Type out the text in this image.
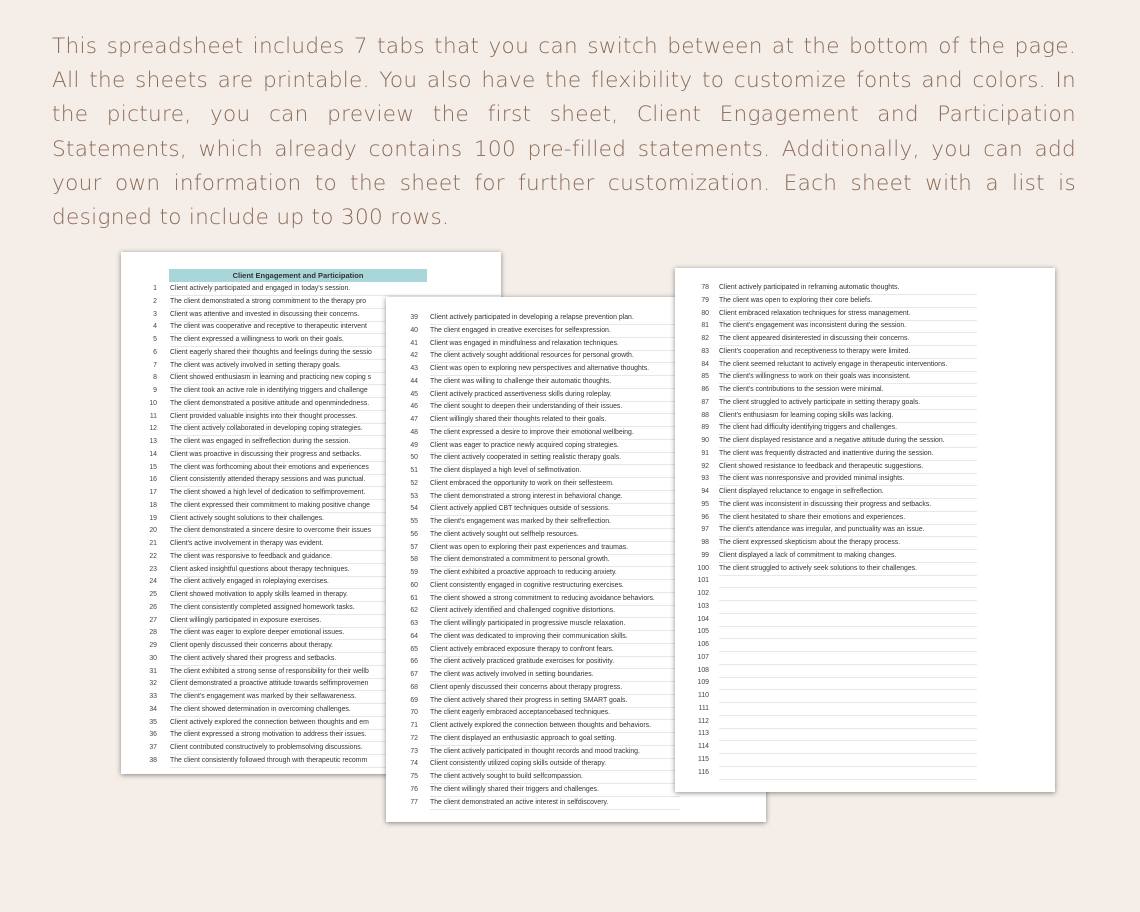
This spreadsheet includes 7 tabs that you can switch between at the bottom of the page. All the sheets are printable. You also have the flexibility to customize fonts and colors. In the picture, you can preview the first sheet, Client Engagement and Participation Statements, which already contains 100 pre-filled statements. Additionally, you can add your own information to the sheet for further customization. Each sheet with a list is designed to include up to 300 rows.

Client Engagement and Participation
1 Client actively participated and engaged in today's session.
2 The client demonstrated a strong commitment to the therapy pro
3 Client was attentive and invested in discussing their concerns.
4 The client was cooperative and receptive to therapeutic intervent
5 The client expressed a willingness to work on their goals.
6 Client eagerly shared their thoughts and feelings during the sessio
7 The client was actively involved in setting therapy goals.
8 Client showed enthusiasm in learning and practicing new coping s
9 The client took an active role in identifying triggers and challenge
10 The client demonstrated a positive attitude and openmindedness.
11 Client provided valuable insights into their thought processes.
12 The client actively collaborated in developing coping strategies.
13 The client was engaged in selfreflection during the session.
14 Client was proactive in discussing their progress and setbacks.
15 The client was forthcoming about their emotions and experiences
16 Client consistently attended therapy sessions and was punctual.
17 The client showed a high level of dedication to selfimprovement.
18 The client expressed their commitment to making positive change
19 Client actively sought solutions to their challenges.
20 The client demonstrated a sincere desire to overcome their issues
21 Client's active involvement in therapy was evident.
22 The client was responsive to feedback and guidance.
23 Client asked insightful questions about therapy techniques.
24 The client actively engaged in roleplaying exercises.
25 Client showed motivation to apply skills learned in therapy.
26 The client consistently completed assigned homework tasks.
27 Client willingly participated in exposure exercises.
28 The client was eager to explore deeper emotional issues.
29 Client openly discussed their concerns about therapy.
30 The client actively shared their progress and setbacks.
31 The client exhibited a strong sense of responsibility for their wellb
32 Client demonstrated a proactive attitude towards selfimprovemen
33 The client's engagement was marked by their selfawareness.
34 The client showed determination in overcoming challenges.
35 Client actively explored the connection between thoughts and em
36 The client expressed a strong motivation to address their issues.
37 Client contributed constructively to problemsolving discussions.
38 The client consistently followed through with therapeutic recomm
39 Client actively participated in developing a relapse prevention plan.
40 The client engaged in creative exercises for selfexpression.
41 Client was engaged in mindfulness and relaxation techniques.
42 The client actively sought additional resources for personal growth.
43 Client was open to exploring new perspectives and alternative thoughts.
44 The client was willing to challenge their automatic thoughts.
45 Client actively practiced assertiveness skills during roleplay.
46 The client sought to deepen their understanding of their issues.
47 Client willingly shared their thoughts related to their goals.
48 The client expressed a desire to improve their emotional wellbeing.
49 Client was eager to practice newly acquired coping strategies.
50 The client actively cooperated in setting realistic therapy goals.
51 The client displayed a high level of selfmotivation.
52 Client embraced the opportunity to work on their selfesteem.
53 The client demonstrated a strong interest in behavioral change.
54 Client actively applied CBT techniques outside of sessions.
55 The client's engagement was marked by their selfreflection.
56 The client actively sought out selfhelp resources.
57 Client was open to exploring their past experiences and traumas.
58 The client demonstrated a commitment to personal growth.
59 The client exhibited a proactive approach to reducing anxiety.
60 Client consistently engaged in cognitive restructuring exercises.
61 The client showed a strong commitment to reducing avoidance behaviors.
62 Client actively identified and challenged cognitive distortions.
63 The client willingly participated in progressive muscle relaxation.
64 The client was dedicated to improving their communication skills.
65 Client actively embraced exposure therapy to confront fears.
66 The client actively practiced gratitude exercises for positivity.
67 The client was actively involved in setting boundaries.
68 Client openly discussed their concerns about therapy progress.
69 The client actively shared their progress in setting SMART goals.
70 The client eagerly embraced acceptancebased techniques.
71 Client actively explored the connection between thoughts and behaviors.
72 The client displayed an enthusiastic approach to goal setting.
73 The client actively participated in thought records and mood tracking.
74 Client consistently utilized coping skills outside of therapy.
75 The client actively sought to build selfcompassion.
76 The client willingly shared their triggers and challenges.
77 The client demonstrated an active interest in selfdiscovery.
78 Client actively participated in reframing automatic thoughts.
79 The client was open to exploring their core beliefs.
80 Client embraced relaxation techniques for stress management.
81 The client's engagement was inconsistent during the session.
82 The client appeared disinterested in discussing their concerns.
83 Client's cooperation and receptiveness to therapy were limited.
84 The client seemed reluctant to actively engage in therapeutic interventions.
85 The client's willingness to work on their goals was inconsistent.
86 The client's contributions to the session were minimal.
87 The client struggled to actively participate in setting therapy goals.
88 Client's enthusiasm for learning coping skills was lacking.
89 The client had difficulty identifying triggers and challenges.
90 The client displayed resistance and a negative attitude during the session.
91 The client was frequently distracted and inattentive during the session.
92 Client showed resistance to feedback and therapeutic suggestions.
93 The client was nonresponsive and provided minimal insights.
94 Client displayed reluctance to engage in selfreflection.
95 The client was inconsistent in discussing their progress and setbacks.
96 The client hesitated to share their emotions and experiences.
97 The client's attendance was irregular, and punctuality was an issue.
98 The client expressed skepticism about the therapy process.
99 Client displayed a lack of commitment to making changes.
100 The client struggled to actively seek solutions to their challenges.
101
102
103
104
105
106
107
108
109
110
111
112
113
114
115
116
